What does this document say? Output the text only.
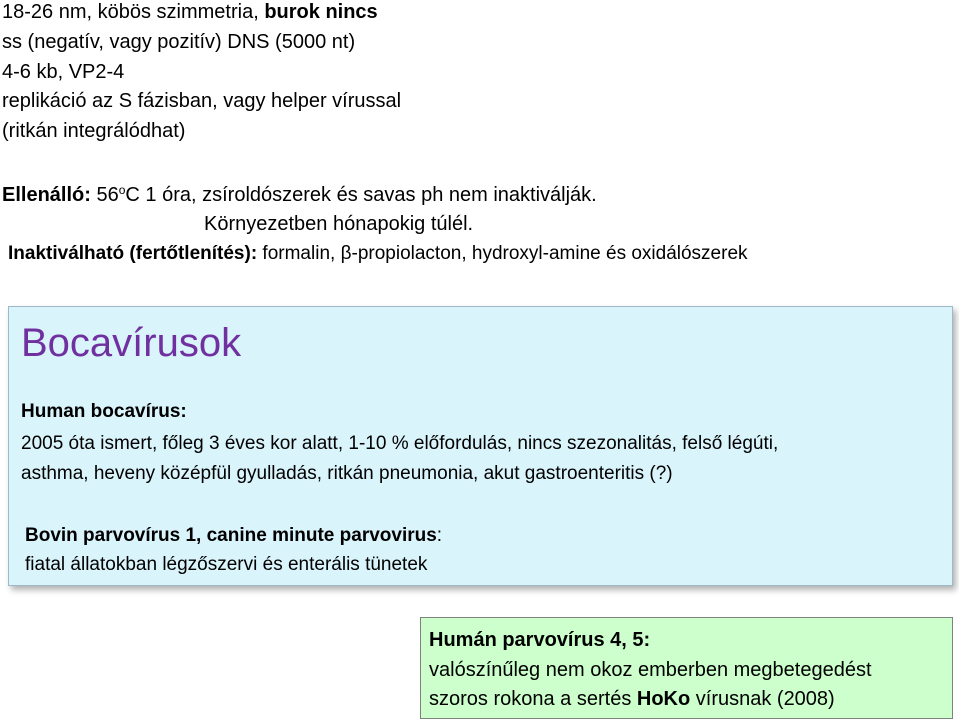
18-26 nm, köbös szimmetria, burok nincs
ss (negatív, vagy pozitív) DNS (5000 nt)
4-6 kb, VP2-4
replikáció az S fázisban, vagy helper vírussal
(ritkán integrálódhat)
Ellenálló: 56$^o$C 1 óra, zsíroldószerek és savas ph nem inaktiválják.
Környezetben hónapokig túlél.
Inaktiválható (fertőtlenítés): formalin, β-propiolacton, hydroxyl-amine és oxidálószerek
Bocavírusok
Human bocavírus:
2005 óta ismert, főleg 3 éves kor alatt, 1-10 % előfordulás, nincs szezonalitás, felső légúti,
asthma, heveny középfül gyulladás, ritkán pneumonia, akut gastroenteritis (?)
Bovin parvovírus 1, canine minute parvovirus:
fiatal állatokban légzőszervi és enterális tünetek
Humán parvovírus 4, 5:
valószínűleg nem okoz emberben megbetegedést
szoros rokona a sertés HoKo vírusnak (2008)
